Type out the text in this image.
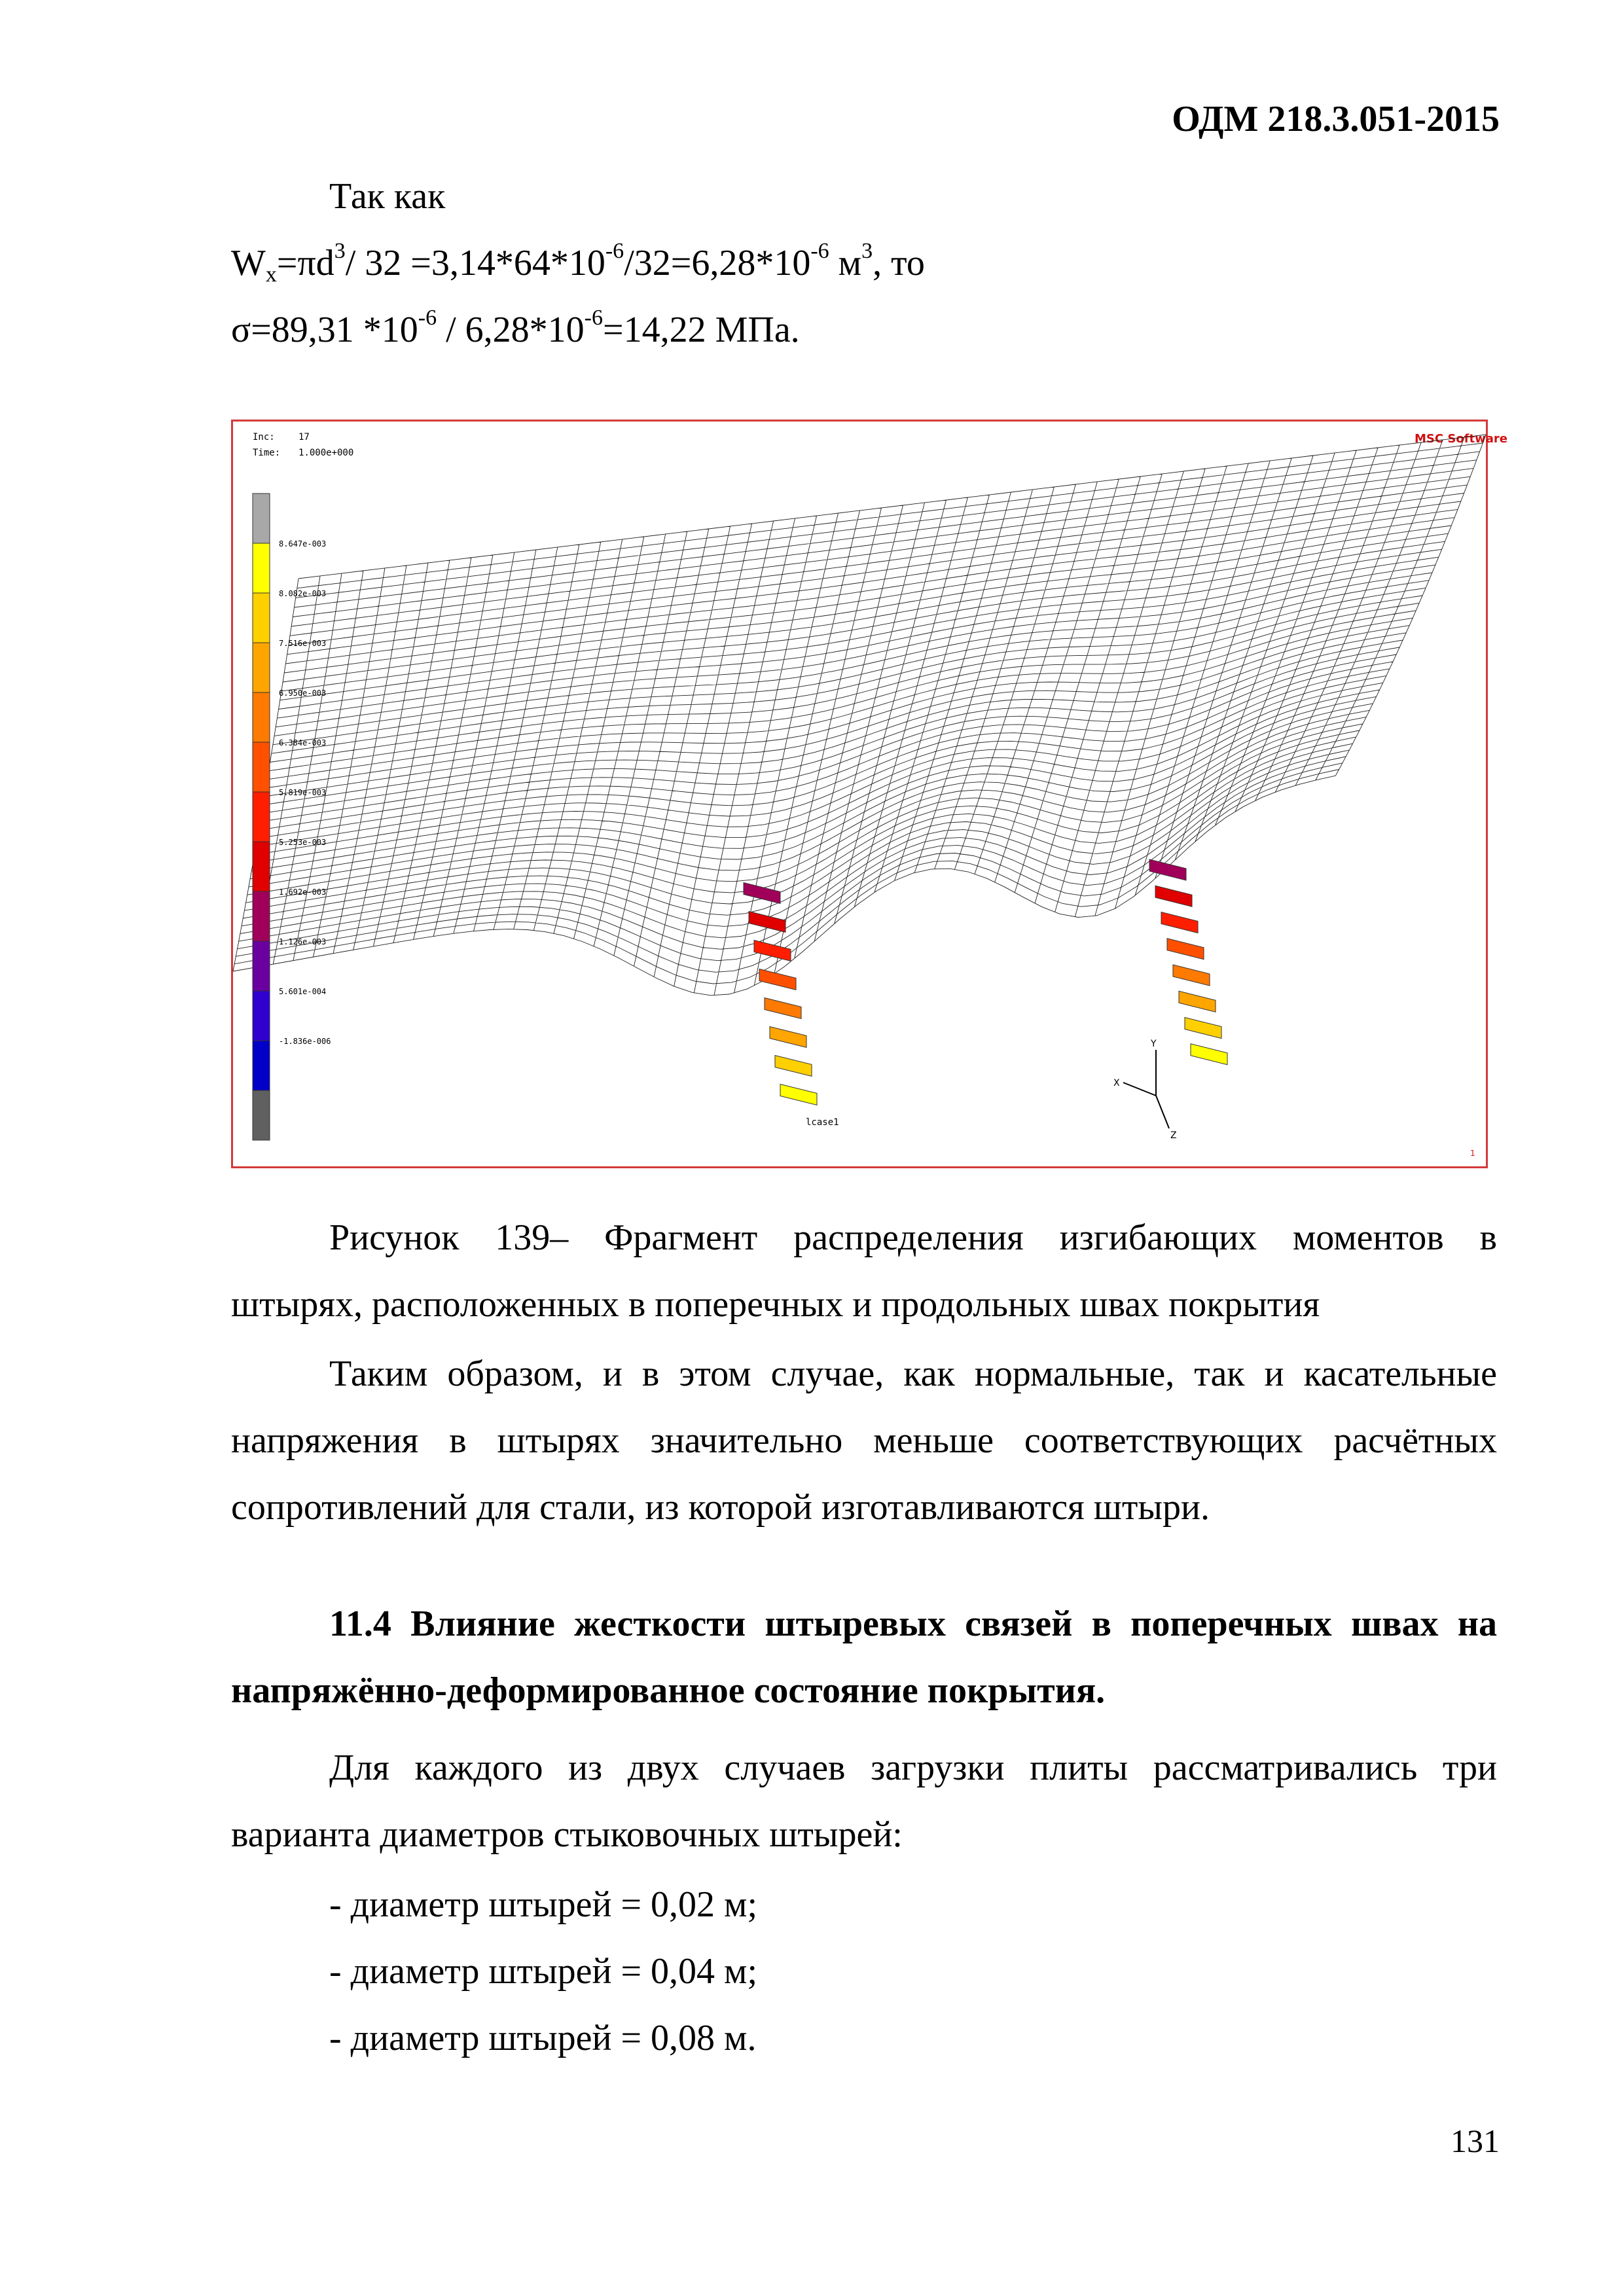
ОДМ 218.3.051-2015
Так как
$W_x=\pi d^3/$ $32 =3,14*64*10^{-6}/32=6,28*10^{-6}$ $м^3$, то
σ=89,31 $*10^{-6} / 6,28*10^{-6}=14,22$ МПа.
Inc:	17
Time: 1.000e+000
MSC Software
8.647e-003
8.082e-003
7.516e-003
6.950e-003
6.384e-003
5.819e-003
5.253e-003
1.692e-003
1.126e-003
5.601e-004
-1.836e-006	Y
X
Z
lcase1
1
Рисунок 139– Фрагмент распределения изгибающих моментов в
штырях, расположенных в поперечных и продольных швах покрытия
Таким образом, и в этом случае, как нормальные, так и касательные
напряжения в штырях значительно меньше соответствующих расчётных
сопротивлений для стали, из которой изготавливаются штыри.
11.4 Влияние жесткости штыревых связей в поперечных швах на
напряжённо-деформированное состояние покрытия.
Для каждого из двух случаев загрузки плиты рассматривались три
варианта диаметров стыковочных штырей:
- диаметр штырей = 0,02 м;
- диаметр штырей = 0,04 м;
- диаметр штырей = 0,08 м.
131
